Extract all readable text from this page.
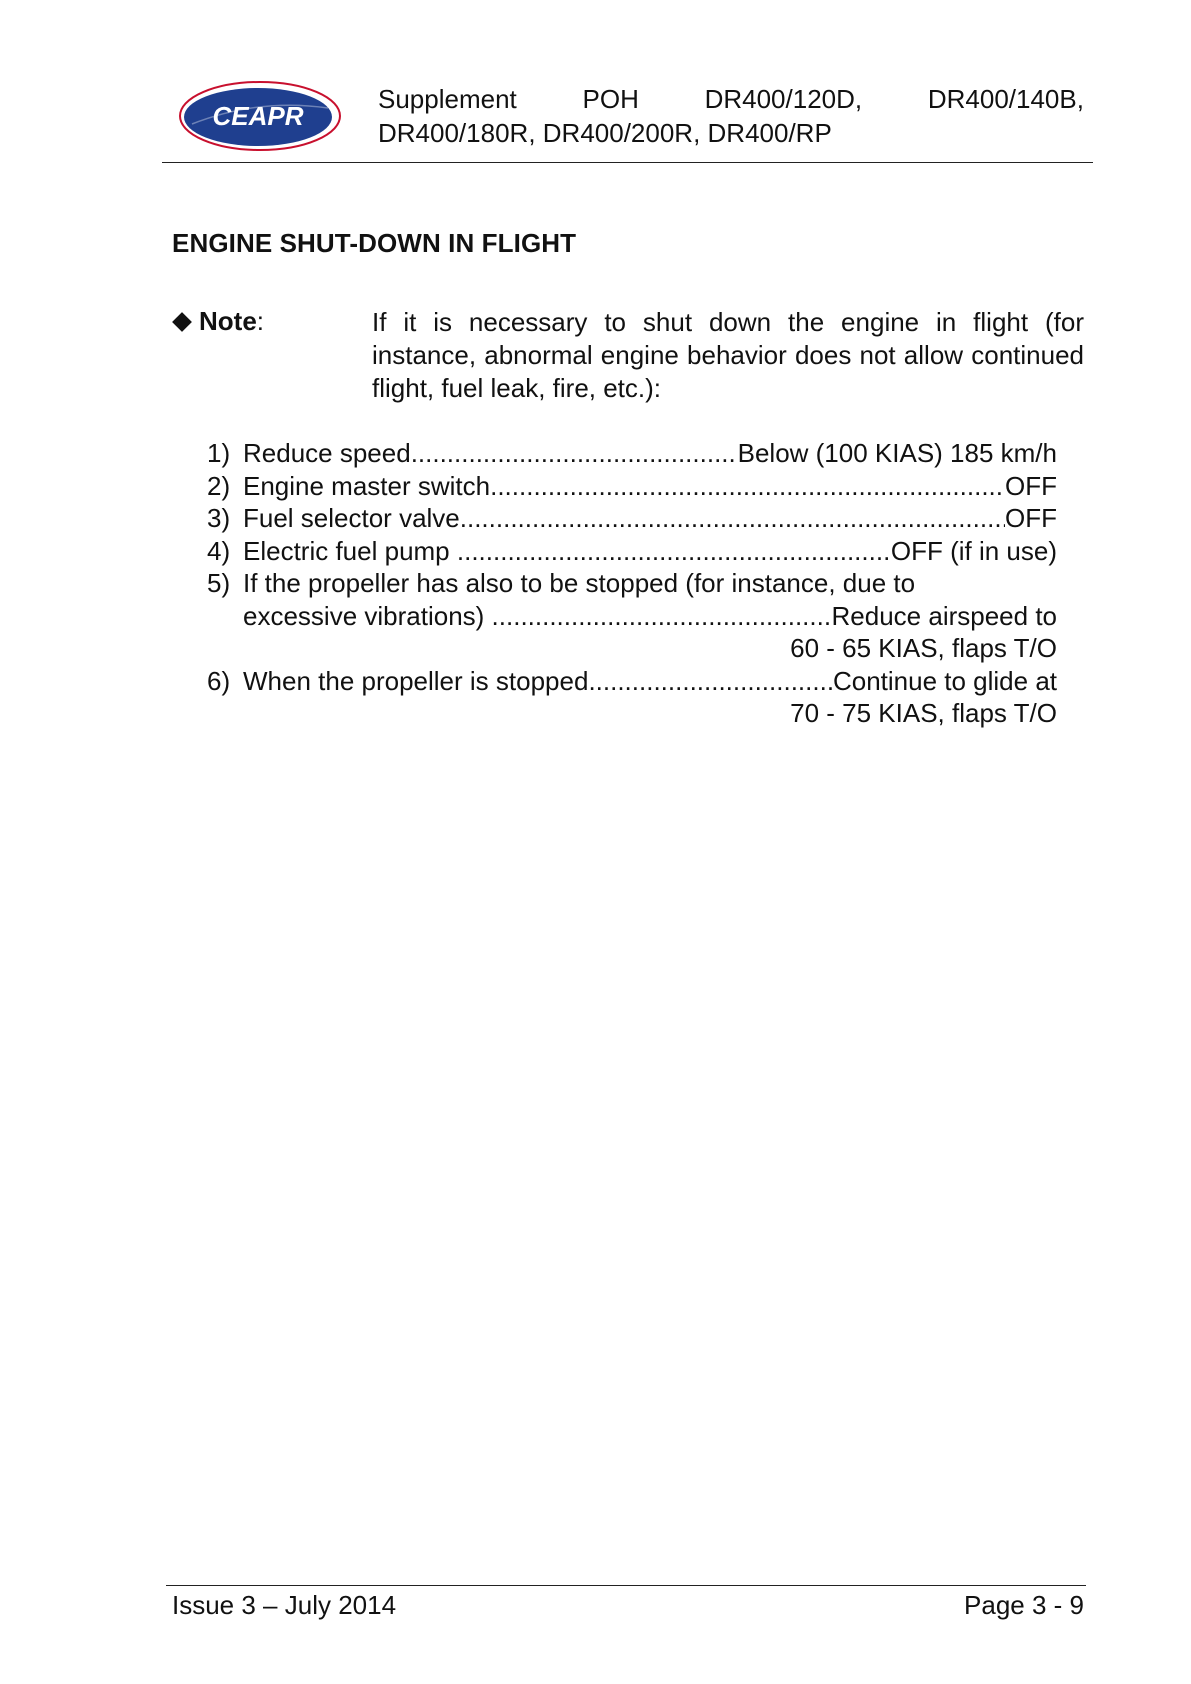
CEAPR
Supplement	POH	DR400/120D,	DR400/140B,
DR400/180R, DR400/200R, DR400/RP
ENGINE SHUT-DOWN IN FLIGHT
Note :	If it is necessary to shut down the engine in flight (for instance, abnormal engine behavior does not allow continued flight, fuel leak, fire, etc.):
1) Reduce speed .....	Below (100 KIAS) 185 km/h
2) Engine master switch .....	OFF
3) Fuel selector valve .....	OFF
4) Electric fuel pump .....	OFF (if in use)
5) If the propeller has also to be stopped (for instance, due to
excessive vibrations) .....	Reduce airspeed to
60 - 65 KIAS, flaps T/O
6) When the propeller is stopped .....	Continue to glide at
70 - 75 KIAS, flaps T/O
Issue 3 – July 2014	Page 3 - 9
